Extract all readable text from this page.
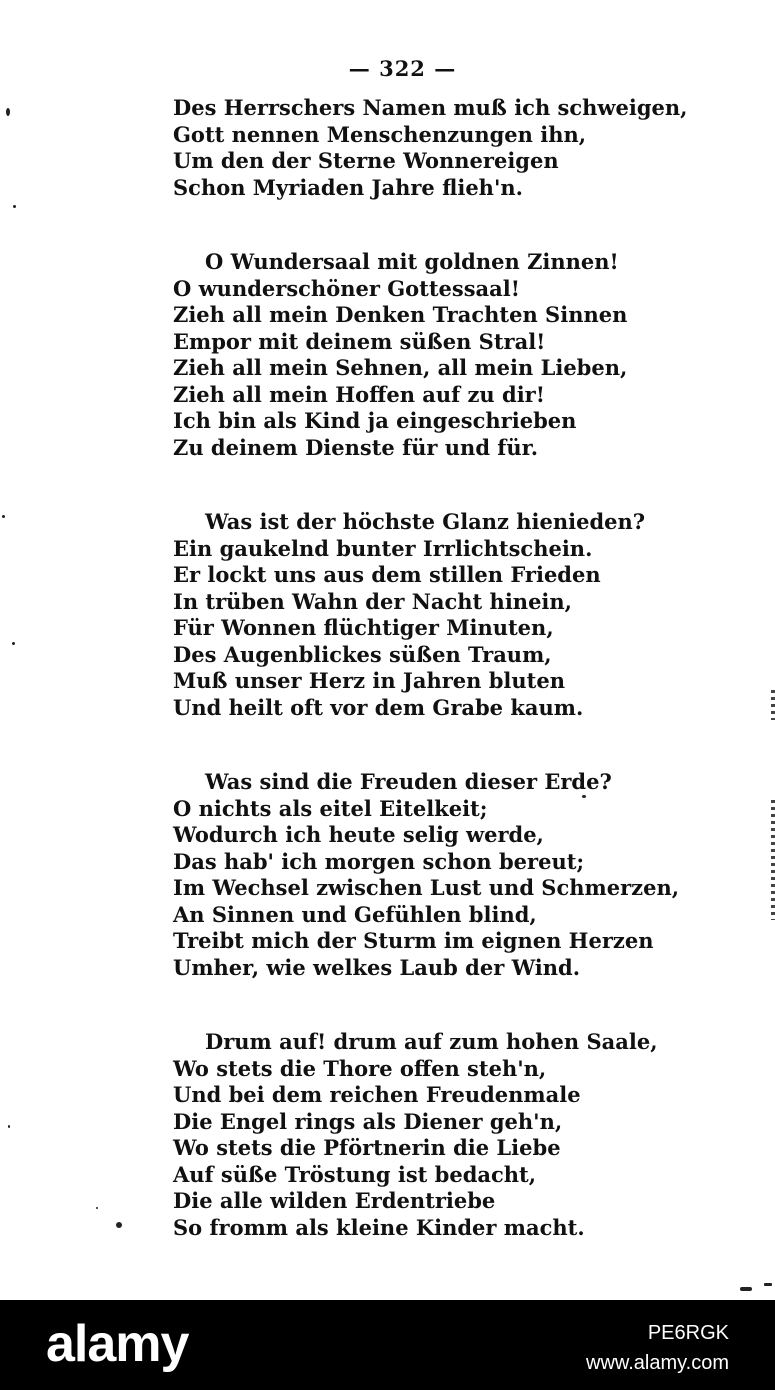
— 322 —
Des Herrschers Namen muß ich schweigen,
Gott nennen Menschenzungen ihn,
Um den der Sterne Wonnereigen
Schon Myriaden Jahre flieh'n.
O Wundersaal mit goldnen Zinnen!
O wunderschöner Gottessaal!
Zieh all mein Denken Trachten Sinnen
Empor mit deinem süßen Stral!
Zieh all mein Sehnen, all mein Lieben,
Zieh all mein Hoffen auf zu dir!
Ich bin als Kind ja eingeschrieben
Zu deinem Dienste für und für.
Was ist der höchste Glanz hienieden?
Ein gaukelnd bunter Irrlichtschein.
Er lockt uns aus dem stillen Frieden
In trüben Wahn der Nacht hinein,
Für Wonnen flüchtiger Minuten,
Des Augenblickes süßen Traum,
Muß unser Herz in Jahren bluten
Und heilt oft vor dem Grabe kaum.
Was sind die Freuden dieser Erde?
O nichts als eitel Eitelkeit;
Wodurch ich heute selig werde,
Das hab' ich morgen schon bereut;
Im Wechsel zwischen Lust und Schmerzen,
An Sinnen und Gefühlen blind,
Treibt mich der Sturm im eignen Herzen
Umher, wie welkes Laub der Wind.
Drum auf! drum auf zum hohen Saale,
Wo stets die Thore offen steh'n,
Und bei dem reichen Freudenmale
Die Engel rings als Diener geh'n,
Wo stets die Pförtnerin die Liebe
Auf süße Tröstung ist bedacht,
Die alle wilden Erdentriebe
So fromm als kleine Kinder macht.
alamy	PE6RGK
www.alamy.com
